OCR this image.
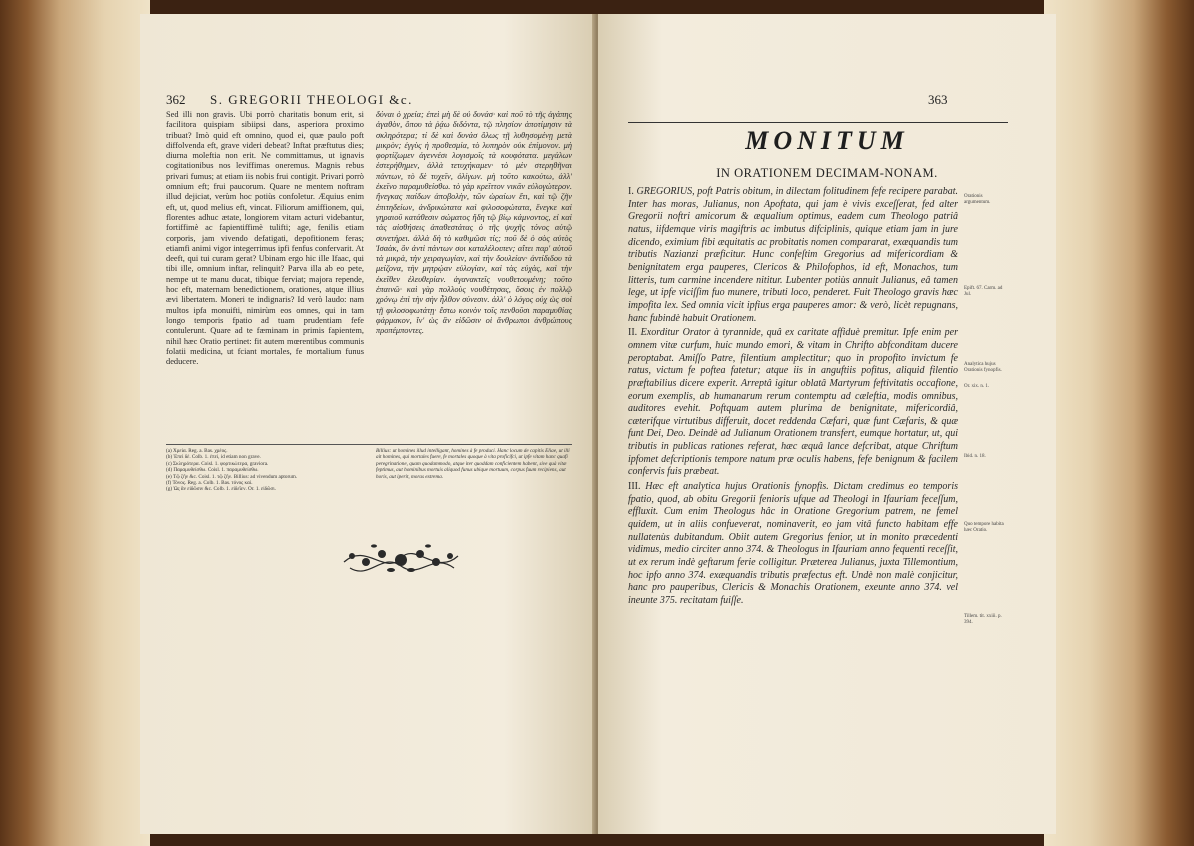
362 S. GREGORII THEOLOGI &c.
Sed illi non gravis. Ubi porrò charitatis bonum erit, si facilitora quispiam sibiipsi dans, asperiora proximo tribuat? Imò quid eft omnino, quod ei, quæ paulo poft diffolvenda eft, grave videri debeat? Inftat præftutus dies; diurna moleftia non erit. Ne committamus, ut ignavis cogitationibus nos leviffimas oneremus. Magnis rebus privari fumus; at etiam iis nobis frui contigit. Privari porrò omnium eft; frui paucorum. Quare ne mentem noftram illud dejiciat, verùm hoc potiùs confoletur. Æquius enim eft, ut, quod melius eft, vincat. Filiorum amiffionem, qui, florentes adhuc ætate, longiorem vitam acturi videbantur, fortiffimè ac fapientiffimè tulifti; age, fenilis etiam corporis, jam vivendo defatigati, depofitionem feras; etiamfi animi vigor integerrimus ipfi fenfus confervarit. At deeft, qui tui curam gerat? Ubinam ergo hic ille Ifaac, qui tibi ille, omnium inftar, relinquit? Parva illa ab eo pete, nempe ut te manu ducat, tibique ferviat; majora repende, hoc eft, maternam benedictionem, orationes, atque illius ævi libertatem. Moneri te indignaris? Id verò laudo: nam multos ipfa monuifti, nimirùm eos omnes, qui in tam longo temporis fpatio ad tuam prudentiam fefe contulerunt. Quare ad te fæminam in primis fapientem, nihil hæc Oratio pertinet: fit autem mœrentibus communis folatii medicina, ut fciant mortales, fe mortalium funus deducere.
δύναι ὁ χρεία; ἐπεὶ μὴ δὲ οὐ δυνάσ· καὶ ποῦ τὸ τῆς ἀγάπης ἀγαθὸν, ὅπου τὰ ῥᾴω διδόντα, τῷ πλησίον ἀποτίμησιν τὰ σκληρότερα; τί δὲ καὶ δυνάσ ὅλως τῇ λυθησομένῃ μετὰ μικρὸν; ἐγγὺς ἡ προθεσμία, τὸ λυπηρὸν οὐκ ἐπίμονον. μὴ φορτίζωμεν ἀγεννέσι λογισμοῖς τὰ κουφότατα. μεγάλων ἐστερήθημεν, ἀλλὰ τετυχήκαμεν· τὸ μὲν στερηθῆναι πάντων, τὸ δὲ τυχεῖν, ὀλίγων. μὴ τοῦτο κακούτω, ἀλλ' ἐκεῖνο παραμυθείσθω. τὸ γὰρ κρεῖττον νικᾶν εὐλογώτερον. ἤνεγκας παίδων ἀποβολὴν, τῶν ὡραίων ἔτι, καὶ τῷ ζῆν ἐπιτηδείων, ἀνδρικώτατα καὶ φιλοσοφώτατα, ἔνεγκε καὶ γηραιοῦ κατάθεσιν σώματος ἤδη τῷ βίῳ κάμνοντος, εἰ καὶ τὰς αἰσθήσεις ἀπαθεστάτας ὁ τῆς ψυχῆς τόνος αὐτῷ συνετήρει. ἀλλὰ δὴ τὸ καθιμῶσι τίς; ποῦ δὲ ὁ σὸς αὐτὸς Ἰσαὰκ, ὃν ἀντὶ πάντων σοι καταλέλοιπεν; αἴτει παρ' αὐτοῦ τὰ μικρὰ, τὴν χειραγωγίαν, καὶ τὴν δουλείαν· ἀντίδιδου τὰ μείζονα, τὴν μητρῴαν εὐλογίαν, καὶ τὰς εὐχὰς, καὶ τὴν ἐκεῖθεν ἐλευθερίαν. ἀγανακτεῖς νουθετουμένη; τοῦτο ἐπαινῶ· καὶ γὰρ πολλοὺς νουθέτησας, ὅσοις ἐν πολλῷ χρόνῳ ἐπὶ τὴν σὴν ἦλθον σύνεσιν. ἀλλ' ὁ λόγος οὐχ ὡς σοὶ τῇ φιλοσοφωτάτῃ· ἔστω κοινὸν τοῖς πενθοῦσι παραμυθίας φάρμακον, ἵν' ὡς ἂν εἰδῶσιν οἱ ἄνθρωποι ἀνθρώπους προπέμποντες.
(a) Χρεία. Reg. a. Bas. χρέος.
(b) Ἐπεὶ δὲ. Colb. 1. ἐπεὶ, id etiam non grave.
(c) Σκληρότερα. Coisl. 1. φορτικώτερα, graviora.
(d) Παραμυθείσθω. Coisl. 1. παραμυθείσθω.
(e) Τῷ ζῆν &c. Coisl. 1. τῷ ζῆν. Billius: ad vivendum aptorum.
(f) Τόνος. Reg. a. Colb. 1. Bas. τόνος καί.
(g) Ὡς ἂν εἰδῶσιν &c. Colb. 1. εἰδεῖεν. Or. 1. εἰδῶσι.
Billius: ut homines illud intelligant, homines à fe produci. Hanc locum de capitis Eliae, ut illi ait homines, qui mortales fuere, fe mortales quoque à vita proficifci, ut ipfe vitam hanc quafi peregrinatione, quam quodammodo, atque iter quoddam conficientem habent, sive quà vitæ feptimus, aut hominibus mortuis aliquod funus ubique mortuum, corpus fuum recipiens, aut horis, aut iperit, moras extrema.
363
MONITUM
IN ORATIONEM DECIMAM-NONAM.

I. GREGORIUS, poft Patris obitum, in dilectam folitudinem fefe recipere parabat. Inter has moras, Julianus, non Apoftata, qui jam è vivis exceſſerat, fed alter Gregorii noftri amicorum & æqualium optimus, eadem cum Theologo patriâ natus, iifdemque viris magiftris ac imbutus difciplinis, quique etiam jam in jure dicendo, eximium fibi æquitatis ac probitatis nomen compararat, exæquandis tum tributis Nazianzi præficitur. Hunc confeſtim Gregorius ad mifericordiam & benignitatem erga pauperes, Clericos & Philofophos, id eft, Monachos, tum litteris, tum carmine incendere nititur. Lubenter potiùs annuit Julianus, eâ tamen lege, ut ipfe viciſſim fuo munere, tributi loco, penderet. Fuit Theologo gravis hæc impofita lex. Sed omnia vicit ipfius erga pauperes amor: & verò, licèt repugnans, hanc fubindè habuit Orationem.

II. Exorditur Orator à tyrannide, quâ ex caritate affiduè premitur. Ipfe enim per omnem vitæ curfum, huic mundo emori, & vitam in Chrifto abfconditam ducere peroptabat. Amiſſo Patre, filentium amplectitur; quo in propofito invictum fe ratus, victum fe poftea fatetur; atque iis in anguftiis pofitus, aliquid filentio præftabilius dicere experit. Arreptâ igitur oblatâ Martyrum feftivitatis occafione, eorum exemplis, ab humanarum rerum contemptu ad cæleftia, modis omnibus, auditores evehit. Poftquam autem plurima de benignitate, mifericordiâ, cæterifque virtutibus differuit, docet reddenda Cæfari, quæ funt Cæfaris, & quæ funt Dei, Deo. Deindè ad Julianum Orationem transfert, eumque hortatur, ut, qui tributis in publicas rationes referat, hæc æquâ lance defcribat, atque Chriftum ipfomet defcriptionis tempore natum præ oculis habens, fefe benignum & facilem confervis fuis præbeat.

III. Hæc eft analytica hujus Orationis fynopfis. Dictam credimus eo temporis fpatio, quod, ab obitu Gregorii fenioris ufque ad Theologi in Ifauriam feceſſum, effluxit. Cum enim Theologus hâc in Oratione Gregorium patrem, ne femel quidem, ut in aliis confueverat, nominaverit, eo jam vitâ functo habitam effe nullatenùs dubitandum. Obiit autem Gregorius fenior, ut in monito præcedenti vidimus, medio circiter anno 374. & Theologus in Ifauriam anno fequenti receſſit, ut ex rerum indè geftarum ferie colligitur. Præterea Julianus, juxta Tillemontium, hoc ipfo anno 374. exæquandis tributis præfectus eft. Undè non malè conjicitur, hanc pro pauperibus, Clericis & Monachis Orationem, exeunte anno 374. vel ineunte 375. recitatam fuiſſe.

Orationis argumentum.
Epift. 67. Carm. ad Jul.
Analytica hujus Orationis fynopfis.
Or. xix. n. 1.
Ibid. n. 18.
Quo tempore habita hæc Oratio.
Tillem. tit. xxiii. p. 394.
